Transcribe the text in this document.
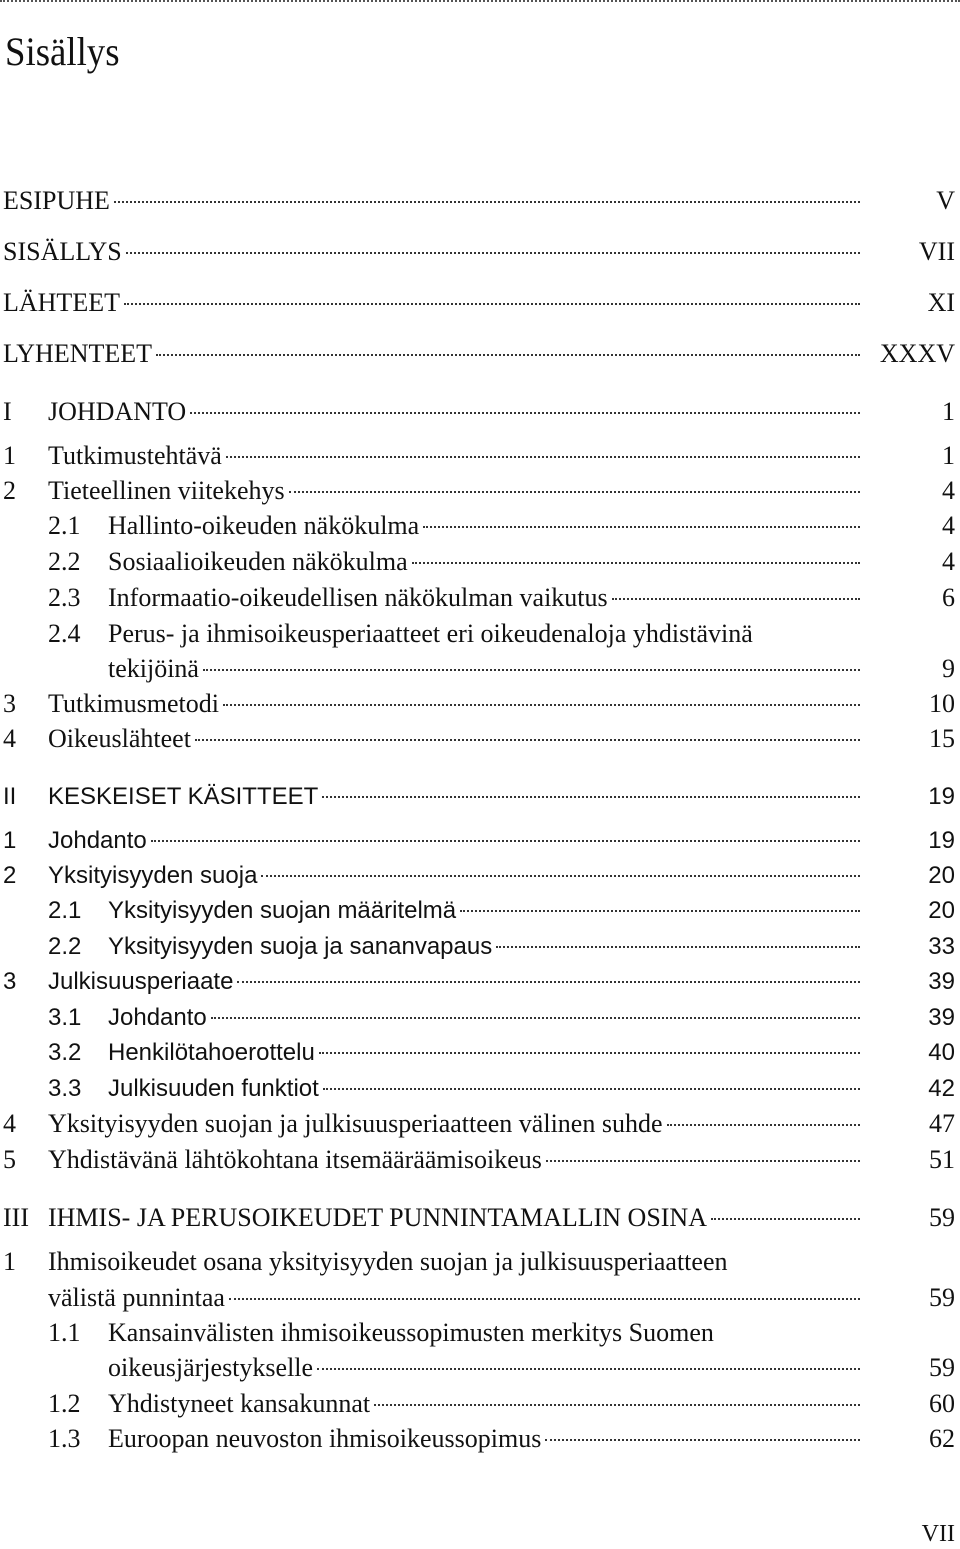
Sisällys
ESIPUHE	V
SISÄLLYS	VII
LÄHTEET	XI
LYHENTEET	XXXV
I JOHDANTO	1
1 Tutkimustehtävä	1
2 Tieteellinen viitekehys	4
2.1 Hallinto-oikeuden näkökulma	4
2.2 Sosiaalioikeuden näkökulma	4
2.3 Informaatio-oikeudellisen näkökulman vaikutus	6
2.4 Perus- ja ihmisoikeusperiaatteet eri oikeudenaloja yhdistävinä
tekijöinä	9
3 Tutkimusmetodi	10
4 Oikeuslähteet	15
II KESKEISET KÄSITTEET	19
1 Johdanto	19
2 Yksityisyyden suoja	20
2.1 Yksityisyyden suojan määritelmä	20
2.2 Yksityisyyden suoja ja sananvapaus	33
3 Julkisuusperiaate	39
3.1 Johdanto	39
3.2 Henkilötahoerottelu	40
3.3 Julkisuuden funktiot	42
4 Yksityisyyden suojan ja julkisuusperiaatteen välinen suhde	47
5 Yhdistävänä lähtökohtana itsemääräämisoikeus	51
III IHMIS- JA PERUSOIKEUDET PUNNINTAMALLIN OSINA	59
1 Ihmisoikeudet osana yksityisyyden suojan ja julkisuusperiaatteen
välistä punnintaa	59
1.1 Kansainvälisten ihmisoikeussopimusten merkitys Suomen
oikeusjärjestykselle	59
1.2 Yhdistyneet kansakunnat	60
1.3 Euroopan neuvoston ihmisoikeussopimus	62
VII
